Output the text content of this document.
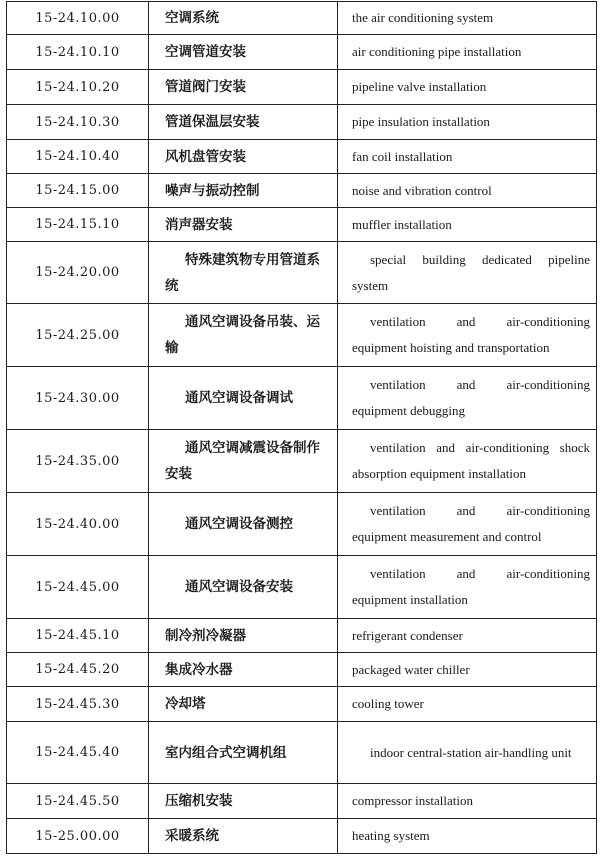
15-24.10.00	空调系统	the air conditioning system
15-24.10.10	空调管道安装	air conditioning pipe installation
15-24.10.20	管道阀门安装	pipeline valve installation
15-24.10.30	管道保温层安装	pipe insulation installation
15-24.10.40	风机盘管安装	fan coil installation
15-24.15.00	噪声与振动控制	noise and vibration control
15-24.15.10	消声器安装	muffler installation
15-24.20.00	特殊建筑物专用管道系统	special building dedicated pipeline system
15-24.25.00	通风空调设备吊装、运输	ventilation and air-conditioning equipment hoisting and transportation
15-24.30.00	通风空调设备调试	ventilation and air-conditioning equipment debugging
15-24.35.00	通风空调减震设备制作安装	ventilation and air-conditioning shock absorption equipment installation
15-24.40.00	通风空调设备测控	ventilation and air-conditioning equipment measurement and control
15-24.45.00	通风空调设备安装	ventilation and air-conditioning equipment installation
15-24.45.10	制冷剂冷凝器	refrigerant condenser
15-24.45.20	集成冷水器	packaged water chiller
15-24.45.30	冷却塔	cooling tower
15-24.45.40	室内组合式空调机组	indoor central-station air-handling unit
15-24.45.50	压缩机安装	compressor installation
15-25.00.00	采暖系统	heating system
